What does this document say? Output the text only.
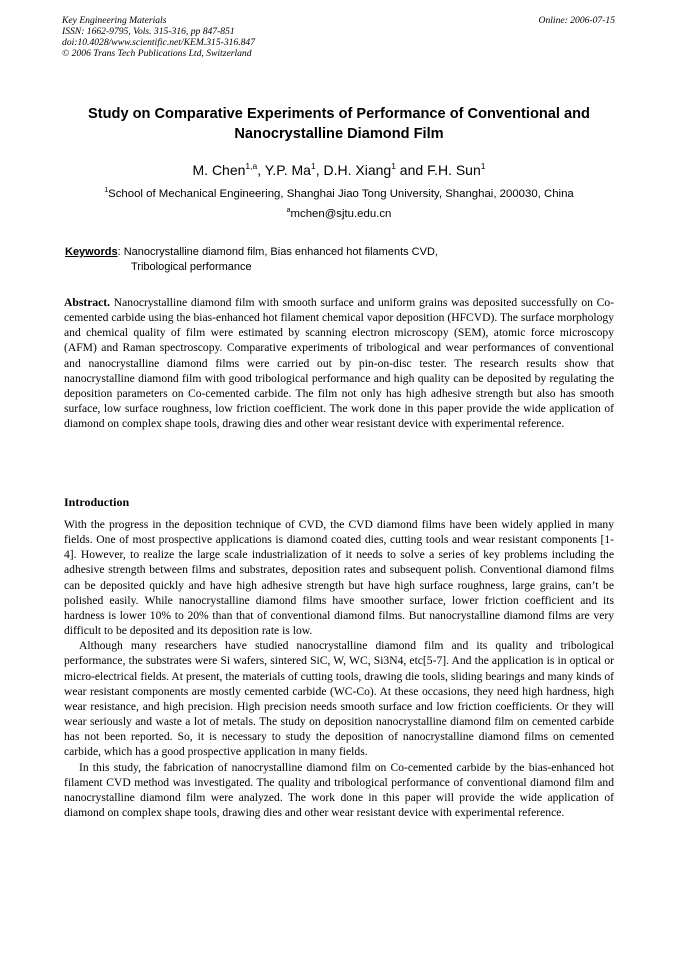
Key Engineering Materials
ISSN: 1662-9795, Vols. 315-316, pp 847-851
doi:10.4028/www.scientific.net/KEM.315-316.847
© 2006 Trans Tech Publications Ltd, Switzerland
Online: 2006-07-15
Study on Comparative Experiments of Performance of Conventional and Nanocrystalline Diamond Film
M. Chen$^{1,a}$, Y.P. Ma$^1$, D.H. Xiang$^1$ and F.H. Sun$^1$
$^1$School of Mechanical Engineering, Shanghai Jiao Tong University, Shanghai, 200030, China
$^a$mchen@sjtu.edu.cn
Keywords: Nanocrystalline diamond film, Bias enhanced hot filaments CVD,
Tribological performance

Abstract. Nanocrystalline diamond film with smooth surface and uniform grains was deposited successfully on Co-cemented carbide using the bias-enhanced hot filament chemical vapor deposition (HFCVD). The surface morphology and chemical quality of film were estimated by scanning electron microscopy (SEM), atomic force microscopy (AFM) and Raman spectroscopy. Comparative experiments of tribological and wear performances of conventional and nanocrystalline diamond films were carried out by pin-on-disc tester. The research results show that nanocrystalline diamond film with good tribological performance and high quality can be deposited by regulating the deposition parameters on Co-cemented carbide. The film not only has high adhesive strength but also has smooth surface, low surface roughness, low friction coefficient. The work done in this paper provide the wide application of diamond on complex shape tools, drawing dies and other wear resistant device with experimental reference.

Introduction

With the progress in the deposition technique of CVD, the CVD diamond films have been widely applied in many fields. One of most prospective applications is diamond coated dies, cutting tools and wear resistant components [1-4]. However, to realize the large scale industrialization of it needs to solve a series of key problems including the adhesive strength between films and substrates, deposition rates and subsequent polish. Conventional diamond films can be deposited quickly and have high adhesive strength but have high surface roughness, large grains, can’t be polished easily. While nanocrystalline diamond films have smoother surface, lower friction coefficient and its hardness is lower 10% to 20% than that of conventional diamond films. But nanocrystalline diamond films are very difficult to be deposited and its deposition rate is low.

Although many researchers have studied nanocrystalline diamond film and its quality and tribological performance, the substrates were Si wafers, sintered SiC, W, WC, Si3N4, etc[5-7]. And the application is in optical or micro-electrical fields. At present, the materials of cutting tools, drawing die tools, sliding bearings and many kinds of wear resistant components are mostly cemented carbide (WC-Co). At these occasions, they need high hardness, high wear resistance, and high precision. High precision needs smooth surface and low friction coefficients. Or they will wear seriously and waste a lot of metals. The study on deposition nanocrystalline diamond film on cemented carbide has not been reported. So, it is necessary to study the deposition of nanocrystalline diamond films on cemented carbide, which has a good prospective application in many fields.

In this study, the fabrication of nanocrystalline diamond film on Co-cemented carbide by the bias-enhanced hot filament CVD method was investigated. The quality and tribological performance of conventional diamond film and nanocrystalline diamond film were analyzed. The work done in this paper will provide the wide application of diamond on complex shape tools, drawing dies and other wear resistant device with experimental reference.
